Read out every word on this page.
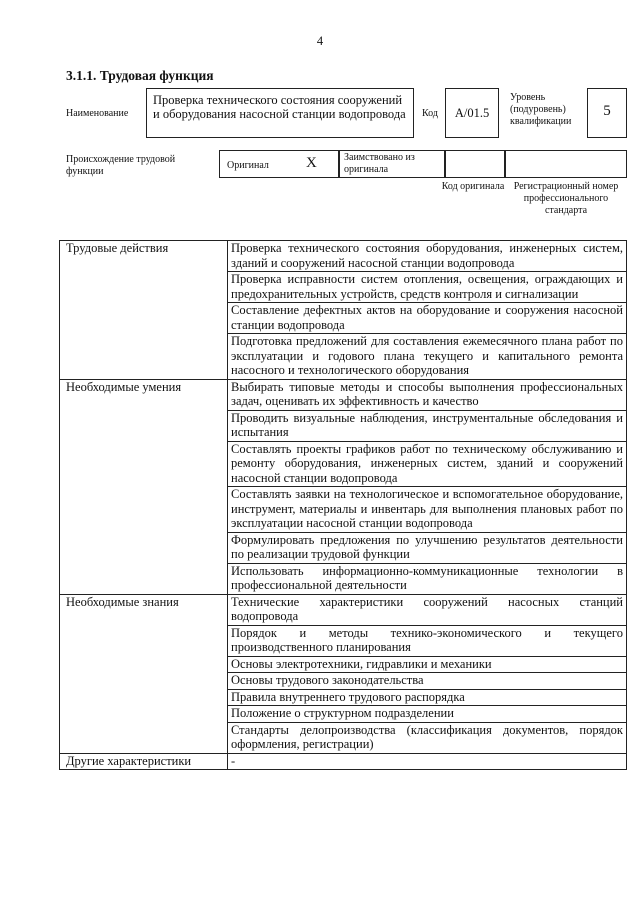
4
3.1.1. Трудовая функция
Наименование
Проверка технического состояния сооружений и оборудования насосной станции водопровода	Код	А/01.5
Уровень (подуровень) квалификации
5
Происхождение трудовой функции
Оригинал X	Заимствовано из оригинала
Код оригинала Регистрационный номер профессионального стандарта
Трудовые действия	Проверка технического состояния оборудования, инженерных систем, зданий и сооружений насосной станции водопровода
	Проверка исправности систем отопления, освещения, ограждающих и предохранительных устройств, средств контроля и сигнализации
	Составление дефектных актов на оборудование и сооружения насосной станции водопровода
	Подготовка предложений для составления ежемесячного плана работ по эксплуатации и годового плана текущего и капитального ремонта насосного и технологического оборудования
Необходимые умения	Выбирать типовые методы и способы выполнения профессиональных задач, оценивать их эффективность и качество
	Проводить визуальные наблюдения, инструментальные обследования и испытания
	Составлять проекты графиков работ по техническому обслуживанию и ремонту оборудования, инженерных систем, зданий и сооружений насосной станции водопровода
	Составлять заявки на технологическое и вспомогательное оборудование, инструмент, материалы и инвентарь для выполнения плановых работ по эксплуатации насосной станции водопровода
	Формулировать предложения по улучшению результатов деятельности по реализации трудовой функции
	Использовать информационно-коммуникационные технологии в профессиональной деятельности
Необходимые знания	Технические характеристики сооружений насосных станций водопровода
	Порядок и методы технико-экономического и текущего производственного планирования
	Основы электротехники, гидравлики и механики
	Основы трудового законодательства
	Правила внутреннего трудового распорядка
	Положение о структурном подразделении
	Стандарты делопроизводства (классификация документов, порядок оформления, регистрации)
Другие характеристики	-
